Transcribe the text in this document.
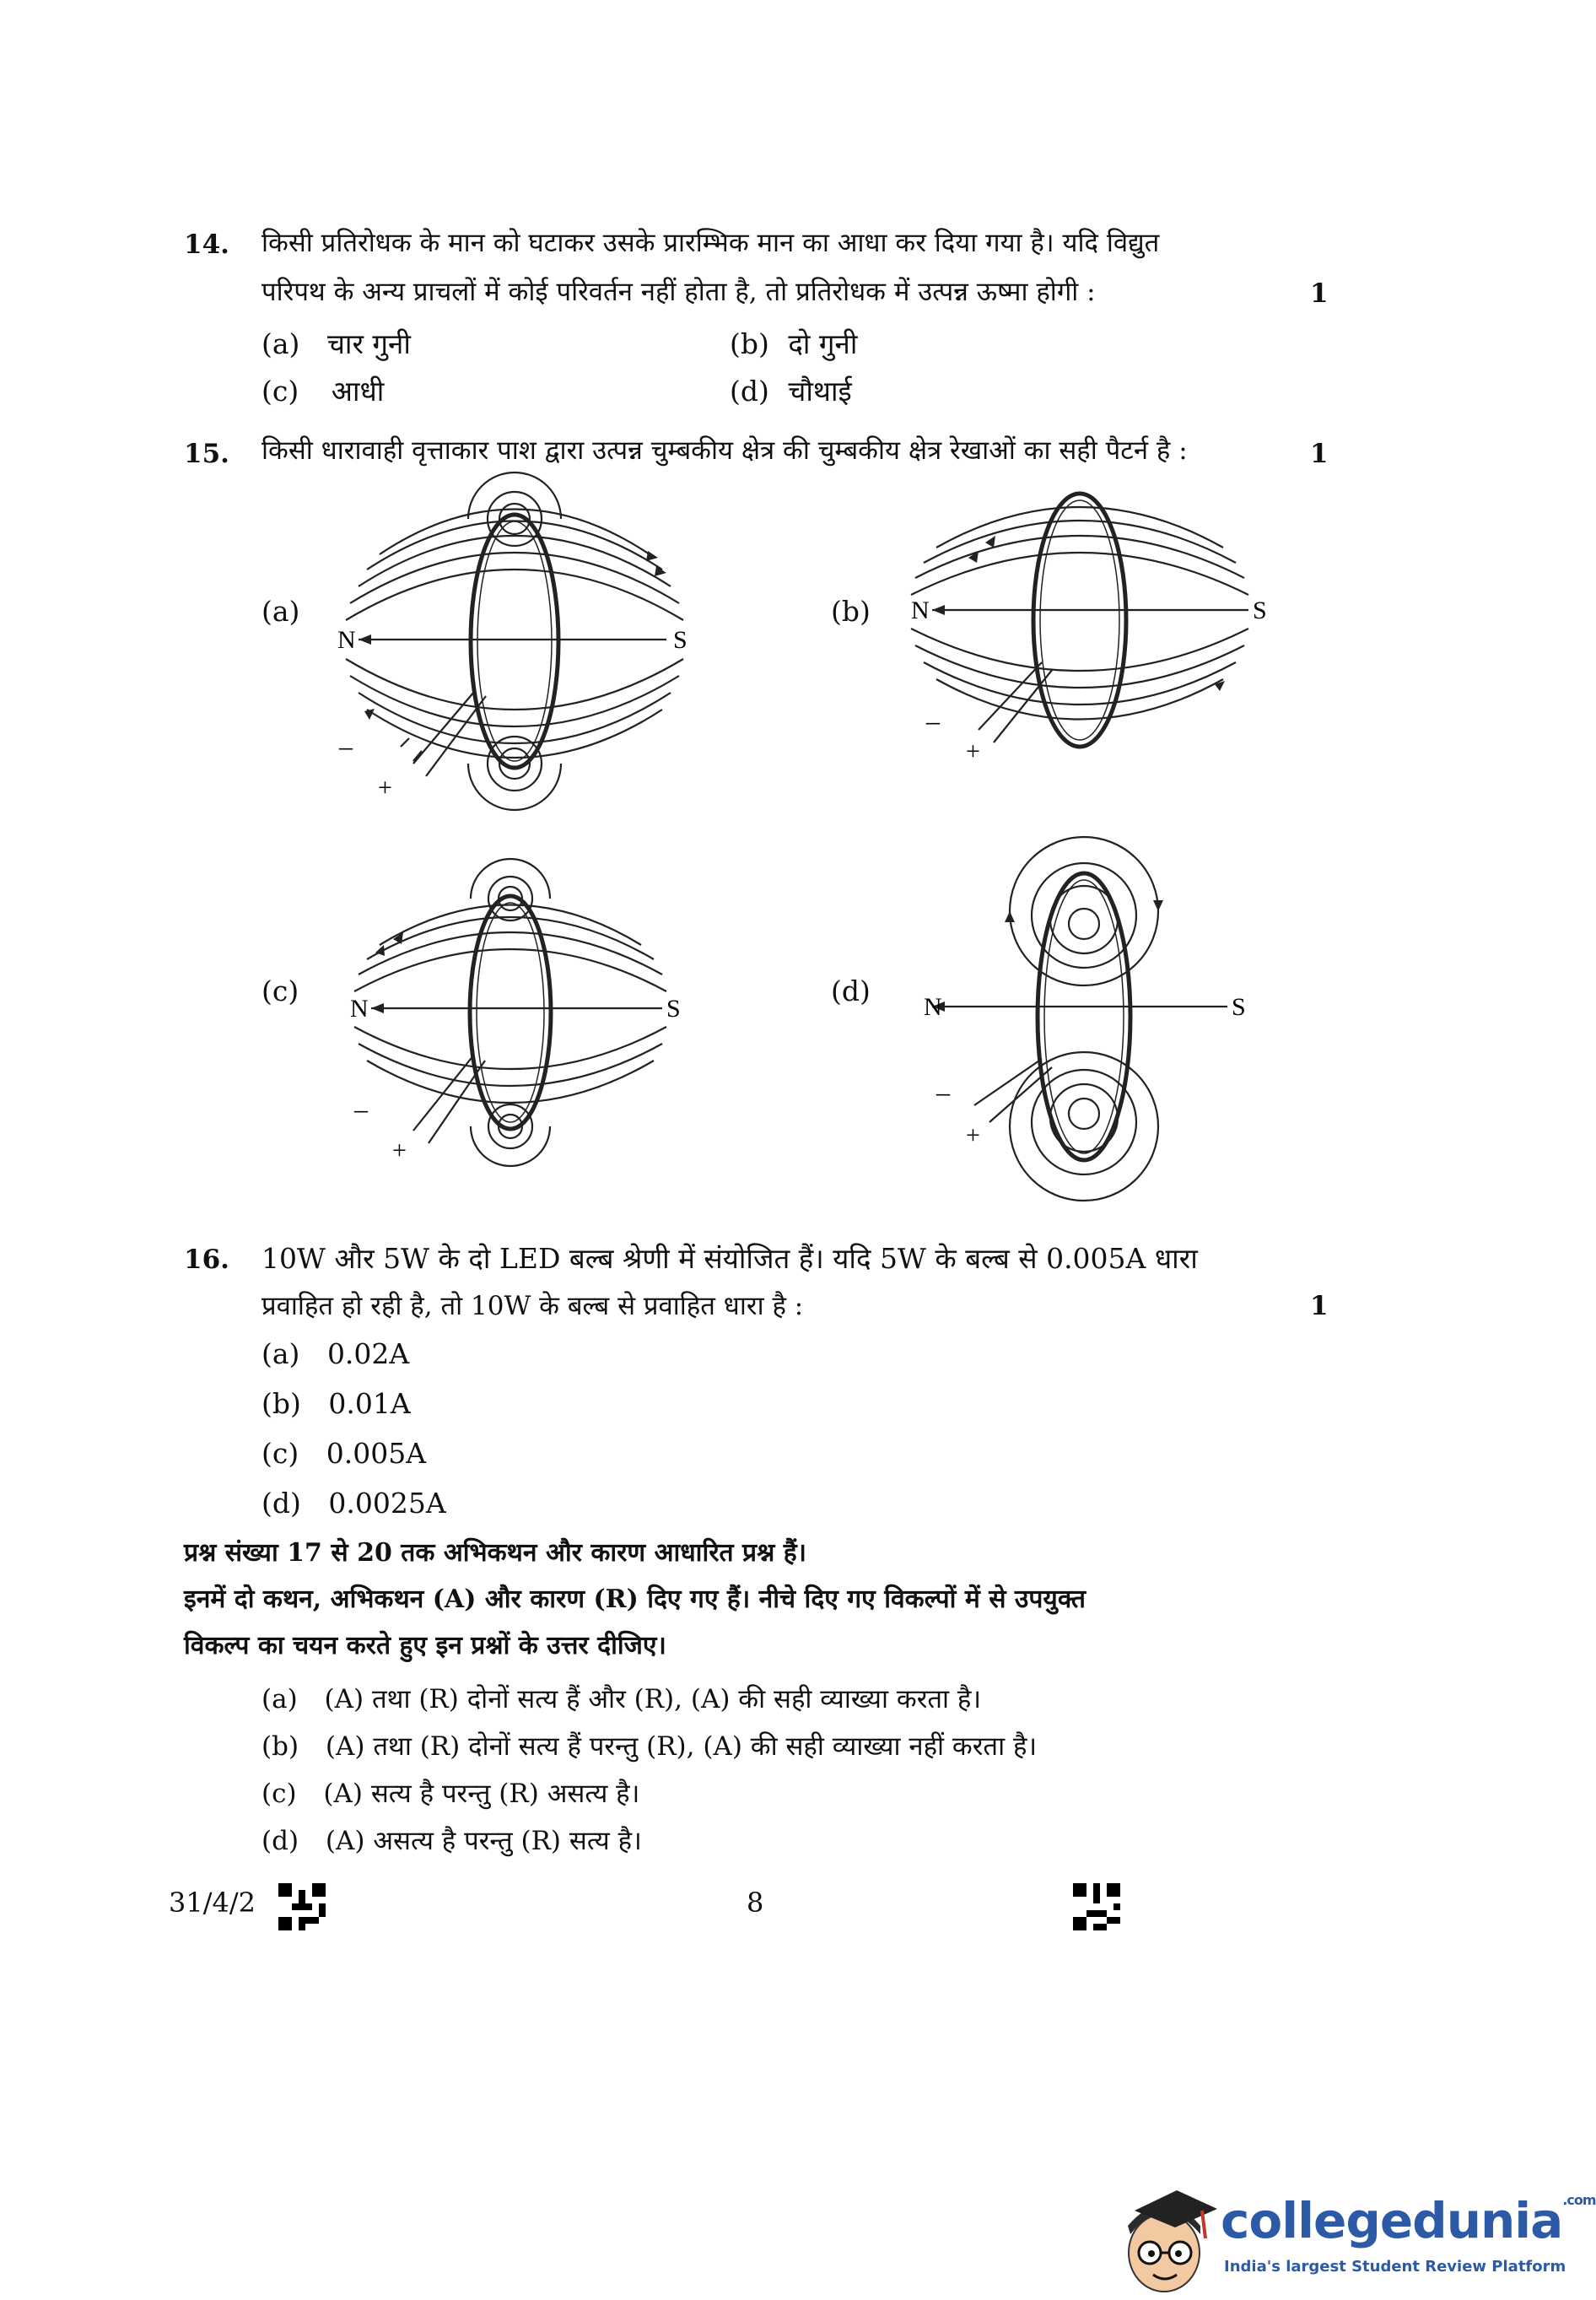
14. किसी प्रतिरोधक के मान को घटाकर उसके प्रारम्भिक मान का आधा कर दिया गया है। यदि विद्युत
परिपथ के अन्य प्राचलों में कोई परिवर्तन नहीं होता है, तो प्रतिरोधक में उत्पन्न ऊष्मा होगी :	1
(a) चार गुनी	(b) दो गुनी
(c) आधी	(d) चौथाई
15. किसी धारावाही वृत्ताकार पाश द्वारा उत्पन्न चुम्बकीय क्षेत्र की चुम्बकीय क्षेत्र रेखाओं का सही पैटर्न है :	1
(a)
N	S
–
+
(b) N	S
–
+
(c)
N	S
–
+
(d) N	S
–
+
16. 10W और 5W के दो LED बल्ब श्रेणी में संयोजित हैं। यदि 5W के बल्ब से 0.005A धारा
प्रवाहित हो रही है, तो 10W के बल्ब से प्रवाहित धारा है :	1
(a) 0.02A
(b) 0.01A
(c) 0.005A
(d) 0.0025A
प्रश्न संख्या 17 से 20 तक अभिकथन और कारण आधारित प्रश्न हैं।
इनमें दो कथन, अभिकथन (A) और कारण (R) दिए गए हैं। नीचे दिए गए विकल्पों में से उपयुक्त
विकल्प का चयन करते हुए इन प्रश्नों के उत्तर दीजिए।
(a) (A) तथा (R) दोनों सत्य हैं और (R), (A) की सही व्याख्या करता है।
(b) (A) तथा (R) दोनों सत्य हैं परन्तु (R), (A) की सही व्याख्या नहीं करता है।
(c) (A) सत्य है परन्तु (R) असत्य है।
(d) (A) असत्य है परन्तु (R) सत्य है।
31/4/2	8
collegedunia$^{.com}$
India's largest Student Review Platform
